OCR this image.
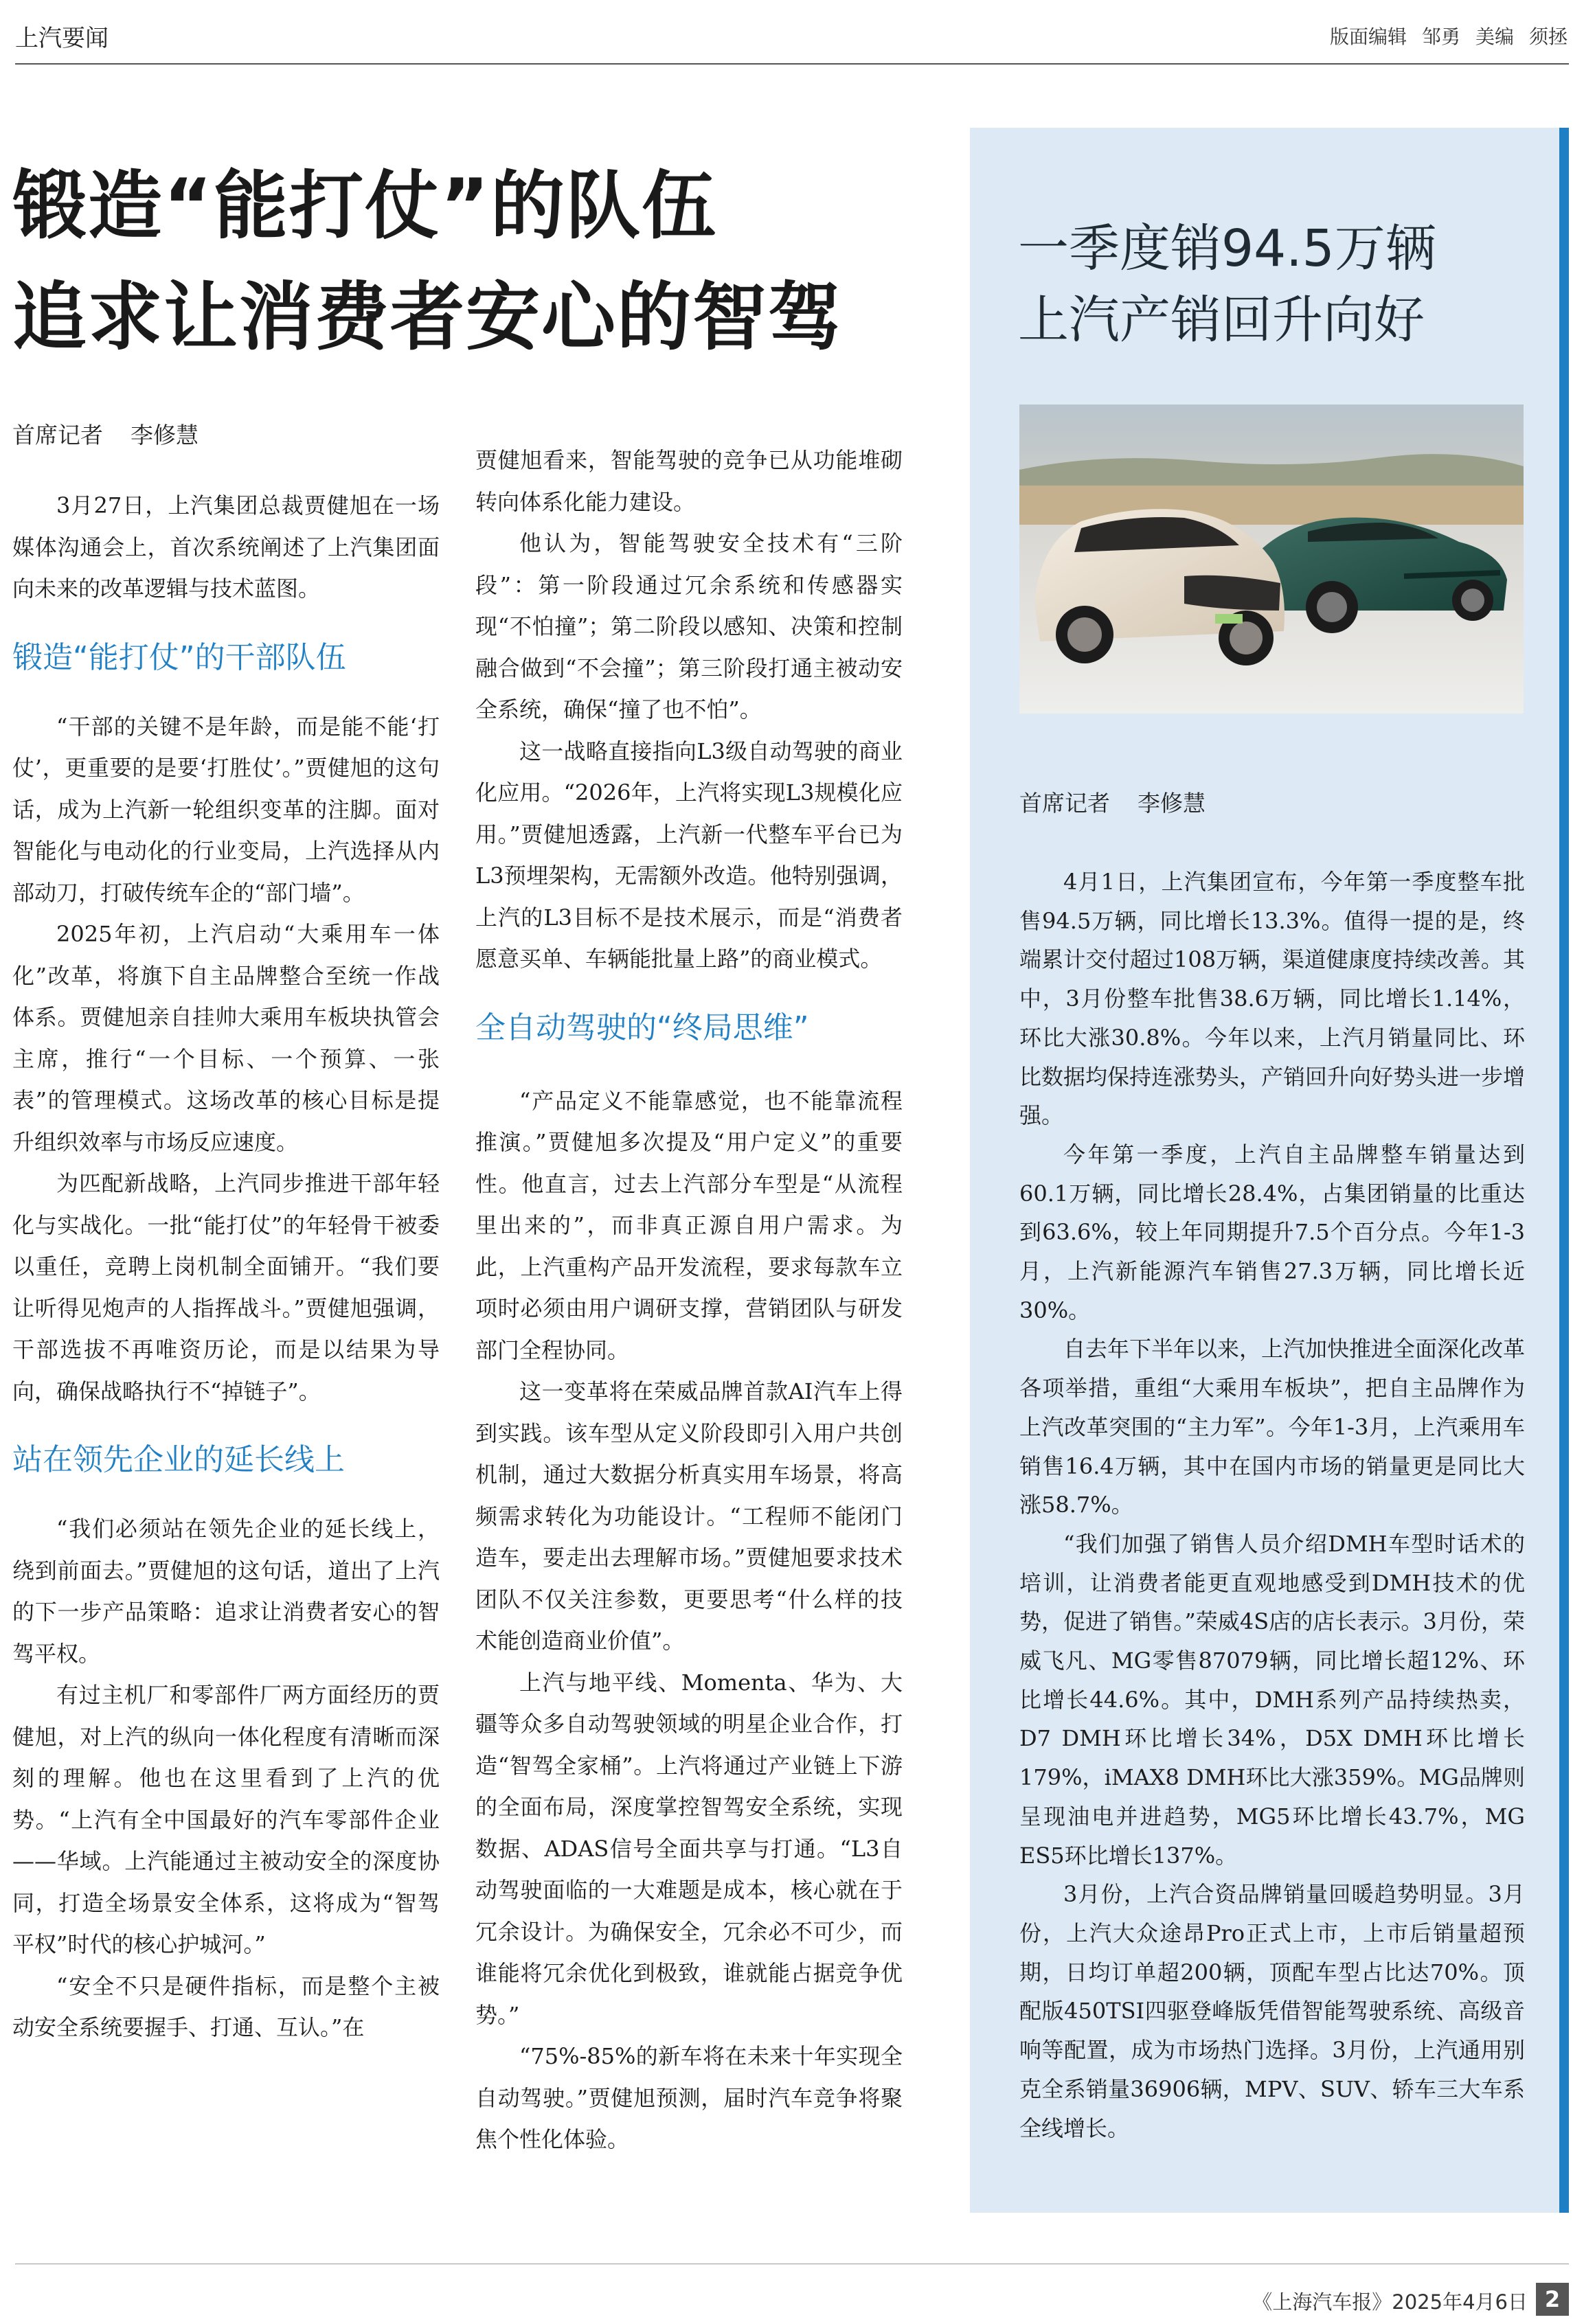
上汽要闻	版面编辑 邹勇 美编 须拯
锻造“能打仗”的队伍
追求让消费者安心的智驾
首席记者 李修慧

3月27日，上汽集团总裁贾健旭在一场媒体沟通会上，首次系统阐述了上汽集团面向未来的改革逻辑与技术蓝图。

锻造“能打仗”的干部队伍

“干部的关键不是年龄，而是能不能‘打仗’，更重要的是要‘打胜仗’。”贾健旭的这句话，成为上汽新一轮组织变革的注脚。面对智能化与电动化的行业变局，上汽选择从内部动刀，打破传统车企的“部门墙”。

2025年初，上汽启动“大乘用车一体化”改革，将旗下自主品牌整合至统一作战体系。贾健旭亲自挂帅大乘用车板块执管会主席，推行“一个目标、一个预算、一张表”的管理模式。这场改革的核心目标是提升组织效率与市场反应速度。

为匹配新战略，上汽同步推进干部年轻化与实战化。一批“能打仗”的年轻骨干被委以重任，竞聘上岗机制全面铺开。“我们要让听得见炮声的人指挥战斗。”贾健旭强调，干部选拔不再唯资历论，而是以结果为导向，确保战略执行不“掉链子”。

站在领先企业的延长线上

“我们必须站在领先企业的延长线上，绕到前面去。”贾健旭的这句话，道出了上汽的下一步产品策略：追求让消费者安心的智驾平权。

有过主机厂和零部件厂两方面经历的贾健旭，对上汽的纵向一体化程度有清晰而深刻的理解。他也在这里看到了上汽的优势。“上汽有全中国最好的汽车零部件企业——华域。上汽能通过主被动安全的深度协同，打造全场景安全体系，这将成为“智驾平权”时代的核心护城河。”

“安全不只是硬件指标，而是整个主被动安全系统要握手、打通、互认。”在

贾健旭看来，智能驾驶的竞争已从功能堆砌转向体系化能力建设。

他认为，智能驾驶安全技术有“三阶段”：第一阶段通过冗余系统和传感器实现“不怕撞”；第二阶段以感知、决策和控制融合做到“不会撞”；第三阶段打通主被动安全系统，确保“撞了也不怕”。

这一战略直接指向L3级自动驾驶的商业化应用。“2026年，上汽将实现L3规模化应用。”贾健旭透露，上汽新一代整车平台已为L3预埋架构，无需额外改造。他特别强调，上汽的L3目标不是技术展示，而是“消费者愿意买单、车辆能批量上路”的商业模式。

全自动驾驶的“终局思维”

“产品定义不能靠感觉，也不能靠流程推演。”贾健旭多次提及“用户定义”的重要性。他直言，过去上汽部分车型是“从流程里出来的”，而非真正源自用户需求。为此，上汽重构产品开发流程，要求每款车立项时必须由用户调研支撑，营销团队与研发部门全程协同。

这一变革将在荣威品牌首款AI汽车上得到实践。该车型从定义阶段即引入用户共创机制，通过大数据分析真实用车场景，将高频需求转化为功能设计。“工程师不能闭门造车，要走出去理解市场。”贾健旭要求技术团队不仅关注参数，更要思考“什么样的技术能创造商业价值”。

上汽与地平线、Momenta、华为、大疆等众多自动驾驶领域的明星企业合作，打造“智驾全家桶”。上汽将通过产业链上下游的全面布局，深度掌控智驾安全系统，实现数据、ADAS信号全面共享与打通。“L3自动驾驶面临的一大难题是成本，核心就在于冗余设计。为确保安全，冗余必不可少，而谁能将冗余优化到极致，谁就能占据竞争优势。”

“75%-85%的新车将在未来十年实现全自动驾驶。”贾健旭预测，届时汽车竞争将聚焦个性化体验。

一季度销94.5万辆
上汽产销回升向好
首席记者 李修慧

4月1日，上汽集团宣布，今年第一季度整车批售94.5万辆，同比增长13.3%。值得一提的是，终端累计交付超过108万辆，渠道健康度持续改善。其中，3月份整车批售38.6万辆，同比增长1.14%，环比大涨30.8%。今年以来，上汽月销量同比、环比数据均保持连涨势头，产销回升向好势头进一步增强。

今年第一季度，上汽自主品牌整车销量达到60.1万辆，同比增长28.4%，占集团销量的比重达到63.6%，较上年同期提升7.5个百分点。今年1-3月，上汽新能源汽车销售27.3万辆，同比增长近30%。

自去年下半年以来，上汽加快推进全面深化改革各项举措，重组“大乘用车板块”，把自主品牌作为上汽改革突围的“主力军”。今年1-3月，上汽乘用车销售16.4万辆，其中在国内市场的销量更是同比大涨58.7%。

“我们加强了销售人员介绍DMH车型时话术的培训，让消费者能更直观地感受到DMH技术的优势，促进了销售。”荣威4S店的店长表示。3月份，荣威飞凡、MG零售87079辆，同比增长超12%、环比增长44.6%。其中，DMH系列产品持续热卖，D7 DMH环比增长34%，D5X DMH环比增长179%，iMAX8 DMH环比大涨359%。MG品牌则呈现油电并进趋势，MG5环比增长43.7%，MG ES5环比增长137%。

3月份，上汽合资品牌销量回暖趋势明显。3月份，上汽大众途昂Pro正式上市，上市后销量超预期，日均订单超200辆，顶配车型占比达70%。顶配版450TSI四驱登峰版凭借智能驾驶系统、高级音响等配置，成为市场热门选择。3月份，上汽通用别克全系销量36906辆，MPV、SUV、轿车三大车系全线增长。

《上海汽车报》2025年4月6日 2
